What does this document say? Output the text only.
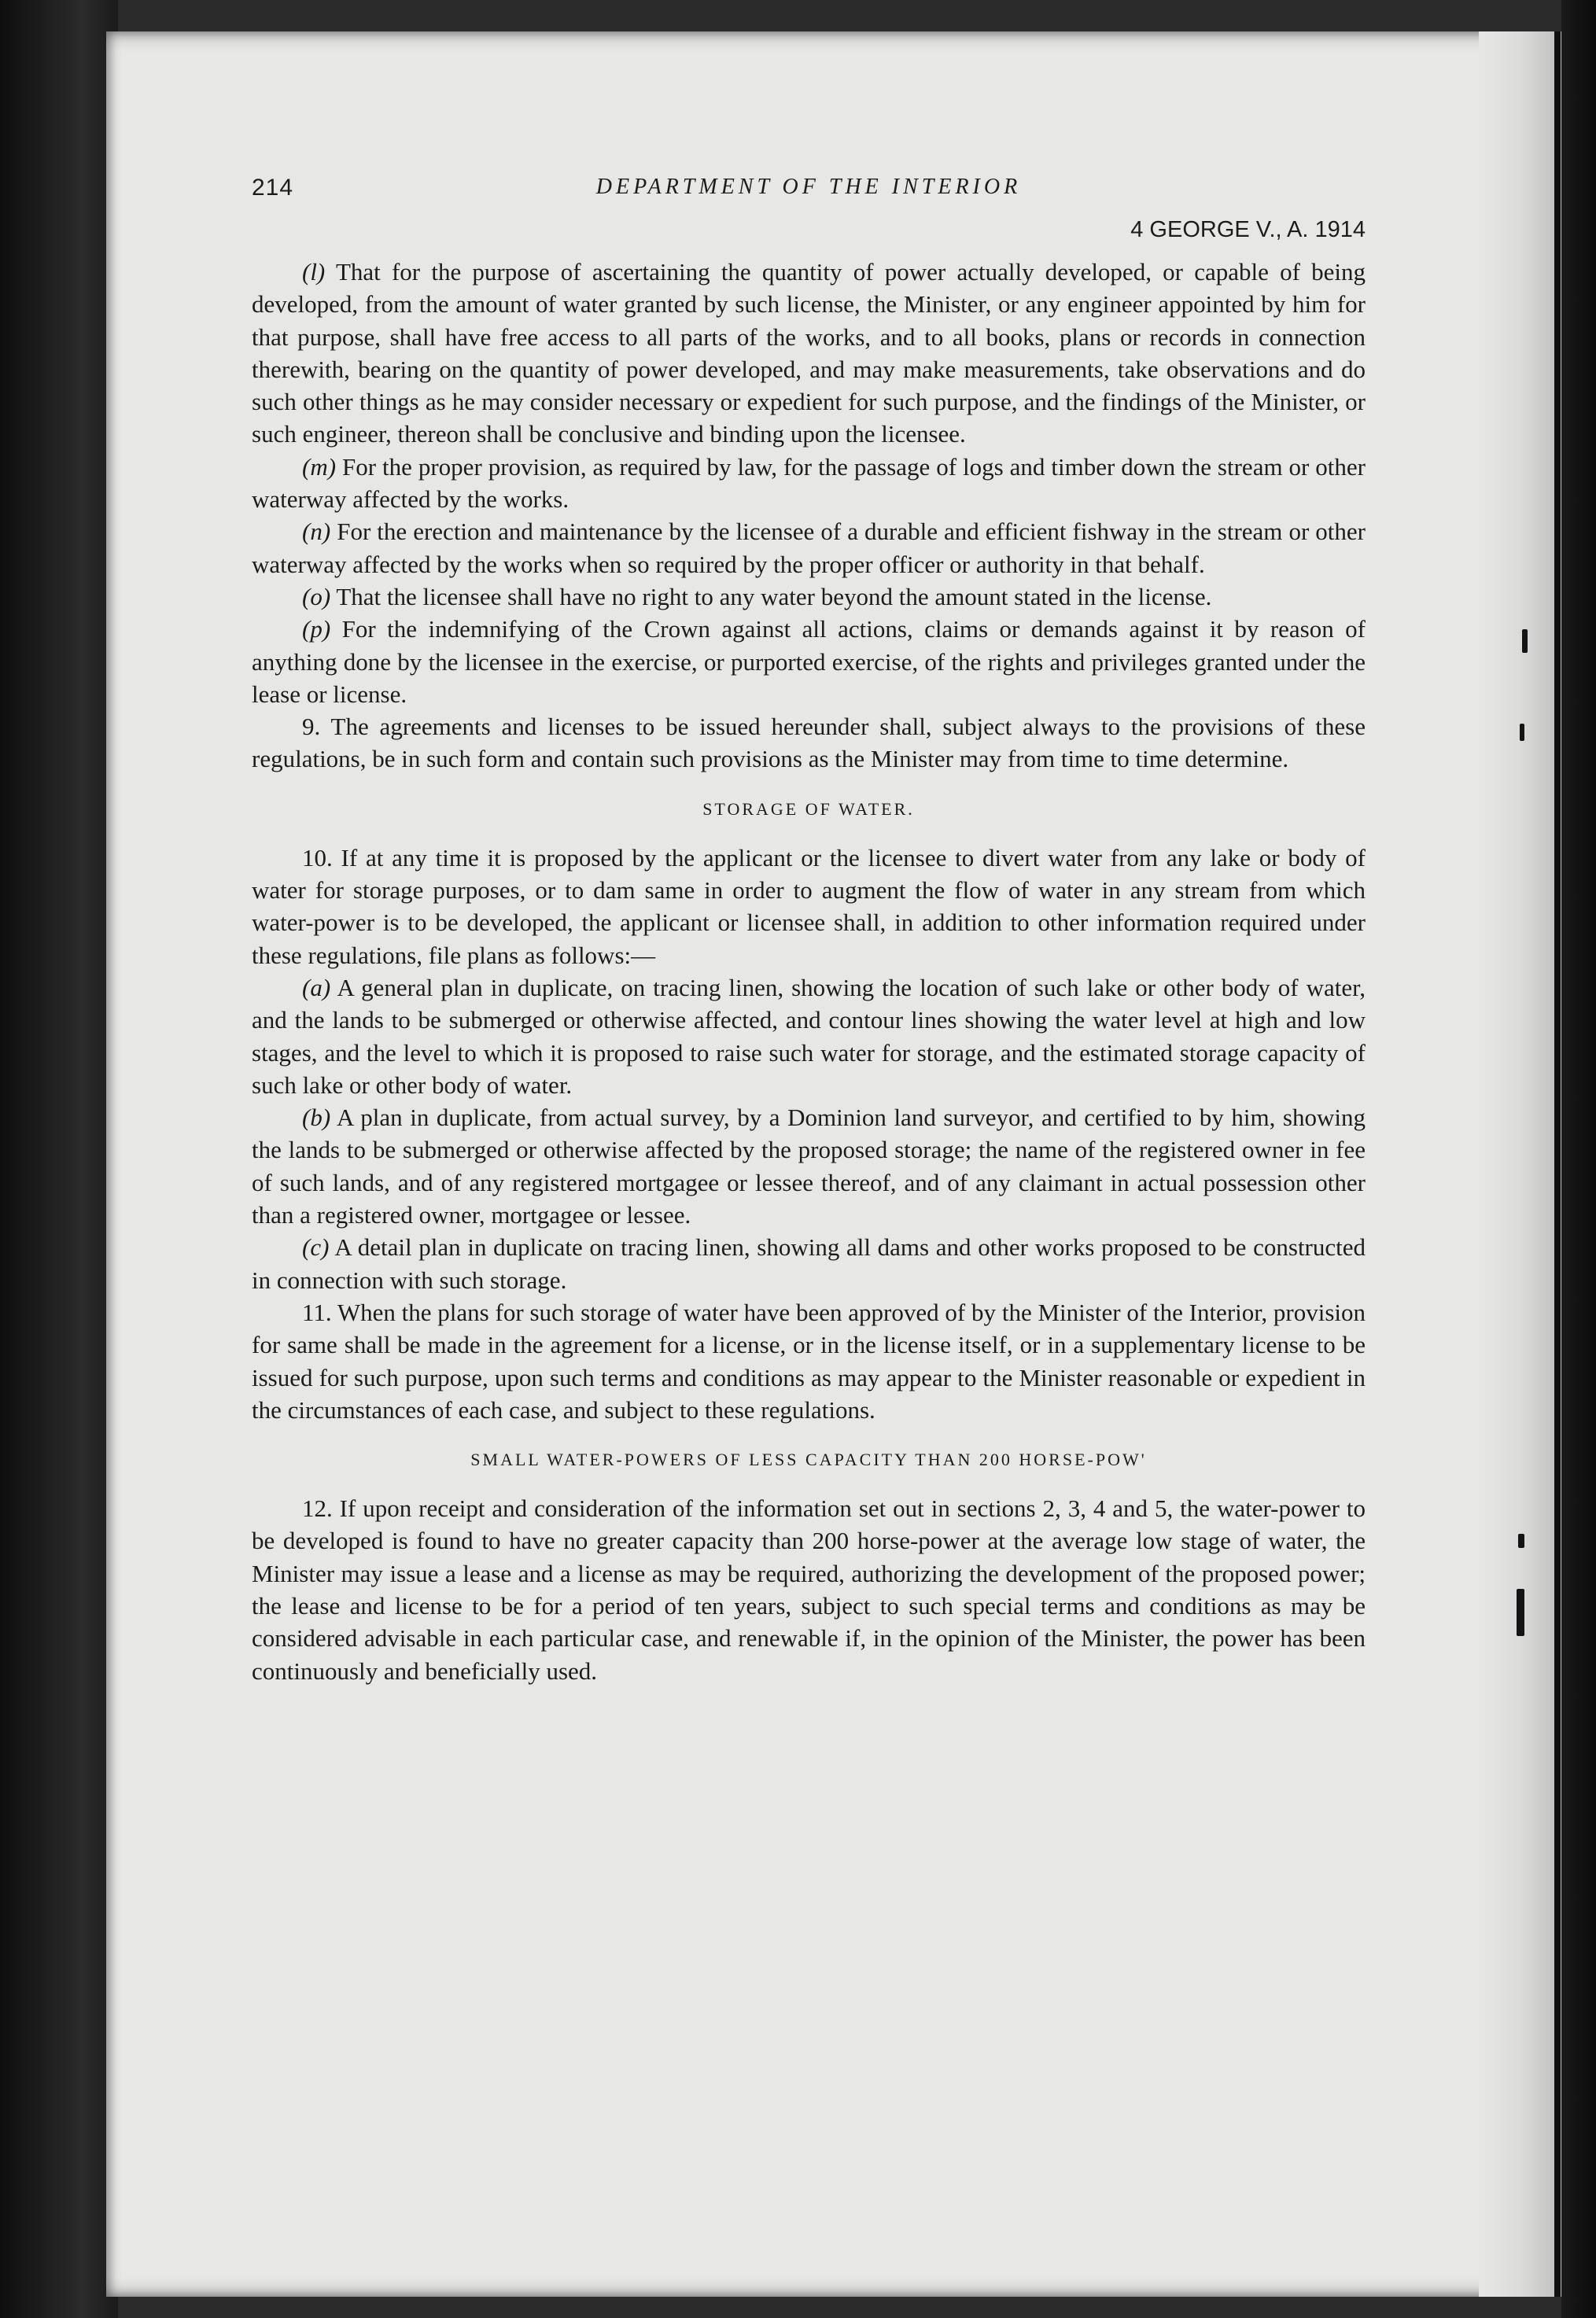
214	DEPARTMENT OF THE INTERIOR
4 GEORGE V., A. 1914

(l) That for the purpose of ascertaining the quantity of power actually developed, or capable of being developed, from the amount of water granted by such license, the Minister, or any engineer appointed by him for that purpose, shall have free access to all parts of the works, and to all books, plans or records in connection therewith, bearing on the quantity of power developed, and may make measurements, take observations and do such other things as he may consider necessary or expedient for such purpose, and the findings of the Minister, or such engineer, thereon shall be conclusive and binding upon the licensee.

(m) For the proper provision, as required by law, for the passage of logs and timber down the stream or other waterway affected by the works.

(n) For the erection and maintenance by the licensee of a durable and efficient fishway in the stream or other waterway affected by the works when so required by the proper officer or authority in that behalf.

(o) That the licensee shall have no right to any water beyond the amount stated in the license.

(p) For the indemnifying of the Crown against all actions, claims or demands against it by reason of anything done by the licensee in the exercise, or purported exercise, of the rights and privileges granted under the lease or license.

9. The agreements and licenses to be issued hereunder shall, subject always to the provisions of these regulations, be in such form and contain such provisions as the Minister may from time to time determine.

STORAGE OF WATER.

10. If at any time it is proposed by the applicant or the licensee to divert water from any lake or body of water for storage purposes, or to dam same in order to augment the flow of water in any stream from which water-power is to be developed, the applicant or licensee shall, in addition to other information required under these regulations, file plans as follows:—

(a) A general plan in duplicate, on tracing linen, showing the location of such lake or other body of water, and the lands to be submerged or otherwise affected, and contour lines showing the water level at high and low stages, and the level to which it is proposed to raise such water for storage, and the estimated storage capacity of such lake or other body of water.

(b) A plan in duplicate, from actual survey, by a Dominion land surveyor, and certified to by him, showing the lands to be submerged or otherwise affected by the proposed storage; the name of the registered owner in fee of such lands, and of any registered mortgagee or lessee thereof, and of any claimant in actual possession other than a registered owner, mortgagee or lessee.

(c) A detail plan in duplicate on tracing linen, showing all dams and other works proposed to be constructed in connection with such storage.

11. When the plans for such storage of water have been approved of by the Minister of the Interior, provision for same shall be made in the agreement for a license, or in the license itself, or in a supplementary license to be issued for such purpose, upon such terms and conditions as may appear to the Minister reasonable or expedient in the circumstances of each case, and subject to these regulations.

SMALL WATER-POWERS OF LESS CAPACITY THAN 200 HORSE-POW'

12. If upon receipt and consideration of the information set out in sections 2, 3, 4 and 5, the water-power to be developed is found to have no greater capacity than 200 horse-power at the average low stage of water, the Minister may issue a lease and a license as may be required, authorizing the development of the proposed power; the lease and license to be for a period of ten years, subject to such special terms and conditions as may be considered advisable in each particular case, and renewable if, in the opinion of the Minister, the power has been continuously and beneficially used.
